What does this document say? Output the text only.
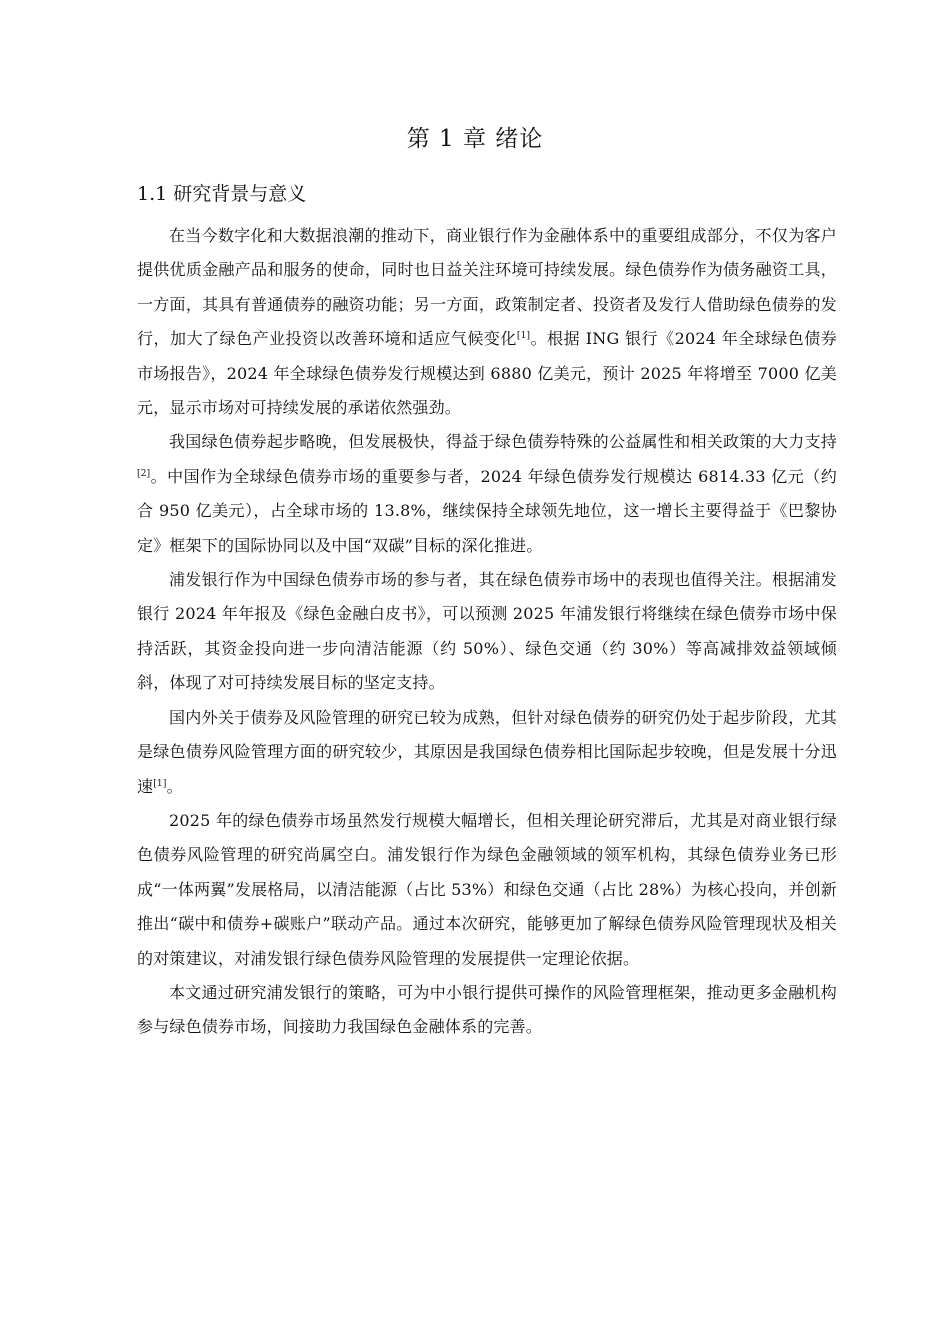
第 1 章 绪论
1.1 研究背景与意义

在当今数字化和大数据浪潮的推动下，商业银行作为金融体系中的重要组成部分，不仅为客户提供优质金融产品和服务的使命，同时也日益关注环境可持续发展。绿色债券作为债务融资工具，一方面，其具有普通债券的融资功能；另一方面，政策制定者、投资者及发行人借助绿色债券的发行，加大了绿色产业投资以改善环境和适应气候变化[1]。根据 ING 银行《2024 年全球绿色债券市场报告》，2024 年全球绿色债券发行规模达到 6880 亿美元，预计 2025 年将增至 7000 亿美元，显示市场对可持续发展的承诺依然强劲。

我国绿色债券起步略晚，但发展极快，得益于绿色债券特殊的公益属性和相关政策的大力支持[2]。中国作为全球绿色债券市场的重要参与者，2024 年绿色债券发行规模达 6814.33 亿元（约合 950 亿美元），占全球市场的 13.8%，继续保持全球领先地位，这一增长主要得益于《巴黎协定》框架下的国际协同以及中国“双碳”目标的深化推进。

浦发银行作为中国绿色债券市场的参与者，其在绿色债券市场中的表现也值得关注。根据浦发银行 2024 年年报及《绿色金融白皮书》，可以预测 2025 年浦发银行将继续在绿色债券市场中保持活跃，其资金投向进一步向清洁能源（约 50%）、绿色交通（约 30%）等高减排效益领域倾斜，体现了对可持续发展目标的坚定支持。

国内外关于债券及风险管理的研究已较为成熟，但针对绿色债券的研究仍处于起步阶段，尤其是绿色债券风险管理方面的研究较少，其原因是我国绿色债券相比国际起步较晚，但是发展十分迅速[1]。

2025 年的绿色债券市场虽然发行规模大幅增长，但相关理论研究滞后，尤其是对商业银行绿色债券风险管理的研究尚属空白。浦发银行作为绿色金融领域的领军机构，其绿色债券业务已形成“一体两翼”发展格局，以清洁能源（占比 53%）和绿色交通（占比 28%）为核心投向，并创新推出“碳中和债券+碳账户”联动产品。通过本次研究，能够更加了解绿色债券风险管理现状及相关的对策建议，对浦发银行绿色债券风险管理的发展提供一定理论依据。

本文通过研究浦发银行的策略，可为中小银行提供可操作的风险管理框架，推动更多金融机构参与绿色债券市场，间接助力我国绿色金融体系的完善。
